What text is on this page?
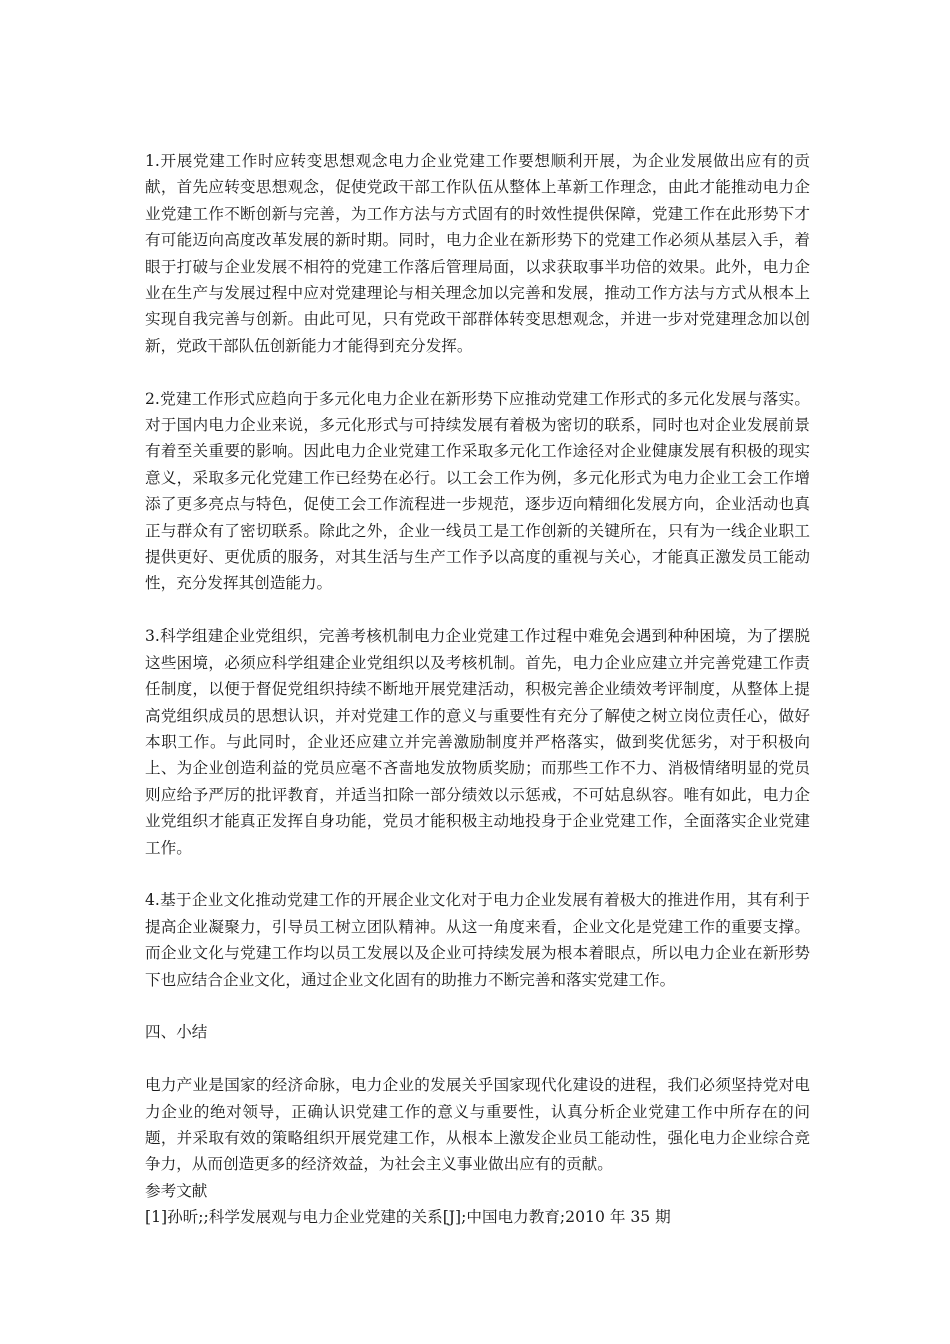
1.开展党建工作时应转变思想观念电力企业党建工作要想顺利开展，为企业发展做出应有的贡献，首先应转变思想观念，促使党政干部工作队伍从整体上革新工作理念，由此才能推动电力企业党建工作不断创新与完善，为工作方法与方式固有的时效性提供保障，党建工作在此形势下才有可能迈向高度改革发展的新时期。同时，电力企业在新形势下的党建工作必须从基层入手，着眼于打破与企业发展不相符的党建工作落后管理局面，以求获取事半功倍的效果。此外，电力企业在生产与发展过程中应对党建理论与相关理念加以完善和发展，推动工作方法与方式从根本上实现自我完善与创新。由此可见，只有党政干部群体转变思想观念，并进一步对党建理念加以创新，党政干部队伍创新能力才能得到充分发挥。

2.党建工作形式应趋向于多元化电力企业在新形势下应推动党建工作形式的多元化发展与落实。对于国内电力企业来说，多元化形式与可持续发展有着极为密切的联系，同时也对企业发展前景有着至关重要的影响。因此电力企业党建工作采取多元化工作途径对企业健康发展有积极的现实意义，采取多元化党建工作已经势在必行。以工会工作为例，多元化形式为电力企业工会工作增添了更多亮点与特色，促使工会工作流程进一步规范，逐步迈向精细化发展方向，企业活动也真正与群众有了密切联系。除此之外，企业一线员工是工作创新的关键所在，只有为一线企业职工提供更好、更优质的服务，对其生活与生产工作予以高度的重视与关心，才能真正激发员工能动性，充分发挥其创造能力。

3.科学组建企业党组织，完善考核机制电力企业党建工作过程中难免会遇到种种困境，为了摆脱这些困境，必须应科学组建企业党组织以及考核机制。首先，电力企业应建立并完善党建工作责任制度，以便于督促党组织持续不断地开展党建活动，积极完善企业绩效考评制度，从整体上提高党组织成员的思想认识，并对党建工作的意义与重要性有充分了解使之树立岗位责任心，做好本职工作。与此同时，企业还应建立并完善激励制度并严格落实，做到奖优惩劣，对于积极向上、为企业创造利益的党员应毫不吝啬地发放物质奖励；而那些工作不力、消极情绪明显的党员则应给予严厉的批评教育，并适当扣除一部分绩效以示惩戒，不可姑息纵容。唯有如此，电力企业党组织才能真正发挥自身功能，党员才能积极主动地投身于企业党建工作，全面落实企业党建工作。

4.基于企业文化推动党建工作的开展企业文化对于电力企业发展有着极大的推进作用，其有利于提高企业凝聚力，引导员工树立团队精神。从这一角度来看，企业文化是党建工作的重要支撑。而企业文化与党建工作均以员工发展以及企业可持续发展为根本着眼点，所以电力企业在新形势下也应结合企业文化，通过企业文化固有的助推力不断完善和落实党建工作。

四、小结

电力产业是国家的经济命脉，电力企业的发展关乎国家现代化建设的进程，我们必须坚持党对电力企业的绝对领导，正确认识党建工作的意义与重要性，认真分析企业党建工作中所存在的问题，并采取有效的策略组织开展党建工作，从根本上激发企业员工能动性，强化电力企业综合竞争力，从而创造更多的经济效益，为社会主义事业做出应有的贡献。

参考文献

[1]孙昕;;科学发展观与电力企业党建的关系[J];中国电力教育;2010 年 35 期
